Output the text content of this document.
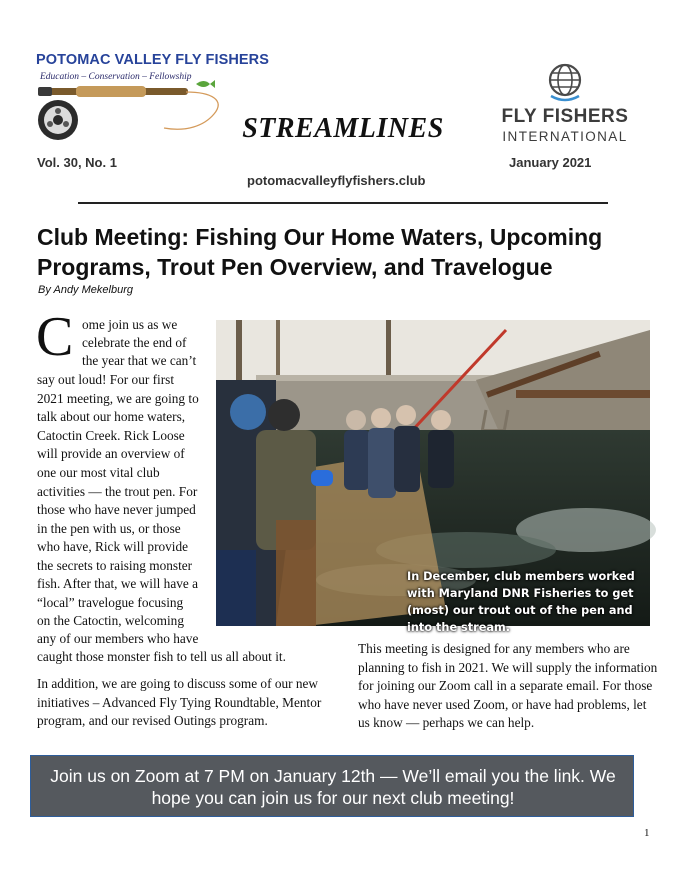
POTOMAC VALLEY FLY FISHERS
Education – Conservation – Fellowship
STREAMLINES	FLY FISHERS
INTERNATIONAL
Vol. 30, No. 1	January 2021
potomacvalleyflyfishers.club
Club Meeting: Fishing Our Home Waters, Upcoming Programs, Trout Pen Overview, and Travelogue
By Andy Mekelburg
C ome join us as we
celebrate the end of
the year that we can’t
say out loud! For our first
2021 meeting, we are going to
talk about our home waters,
Catoctin Creek. Rick Loose
will provide an overview of
one our most vital club
activities — the trout pen. For
those who have never jumped
in the pen with us, or those
who have, Rick will provide
the secrets to raising monster
fish. After that, we will have a
“local” travelogue focusing
on the Catoctin, welcoming
any of our members who have
caught those monster fish to tell us all about it.
In December, club members worked with Maryland DNR Fisheries to get (most) our trout out of the pen and into the stream.

In addition, we are going to discuss some of our new initiatives – Advanced Fly Tying Roundtable, Mentor program, and our revised Outings program.

This meeting is designed for any members who are planning to fish in 2021. We will supply the information for joining our Zoom call in a separate email. For those who have never used Zoom, or have had problems, let us know — perhaps we can help.

Join us on Zoom at 7 PM on January 12th — We’ll email you the link. We hope you can join us for our next club meeting!
1
